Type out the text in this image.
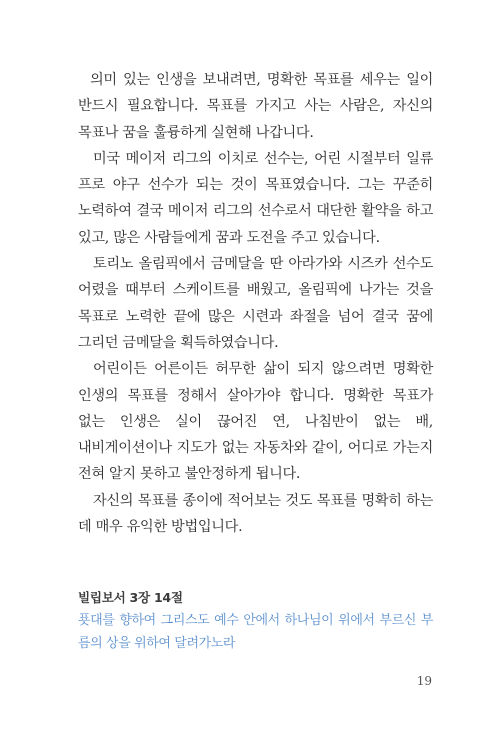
의미 있는 인생을 보내려면, 명확한 목표를 세우는 일이 반드시 필요합니다. 목표를 가지고 사는 사람은, 자신의 목표나 꿈을 훌륭하게 실현해 나갑니다.

미국 메이저 리그의 이치로 선수는, 어린 시절부터 일류 프로 야구 선수가 되는 것이 목표였습니다. 그는 꾸준히 노력하여 결국 메이저 리그의 선수로서 대단한 활약을 하고 있고, 많은 사람들에게 꿈과 도전을 주고 있습니다.

토리노 올림픽에서 금메달을 딴 아라가와 시즈카 선수도 어렸을 때부터 스케이트를 배웠고, 올림픽에 나가는 것을 목표로 노력한 끝에 많은 시련과 좌절을 넘어 결국 꿈에 그리던 금메달을 획득하였습니다.

어린이든 어른이든 허무한 삶이 되지 않으려면 명확한 인생의 목표를 정해서 살아가야 합니다. 명확한 목표가 없는 인생은 실이 끊어진 연, 나침반이 없는 배, 내비게이션이나 지도가 없는 자동차와 같이, 어디로 가는지 전혀 알지 못하고 불안정하게 됩니다.

자신의 목표를 종이에 적어보는 것도 목표를 명확히 하는 데 매우 유익한 방법입니다.

빌립보서 3장 14절
푯대를 향하여 그리스도 예수 안에서 하나님이 위에서 부르신 부름의 상을 위하여 달려가노라
19
